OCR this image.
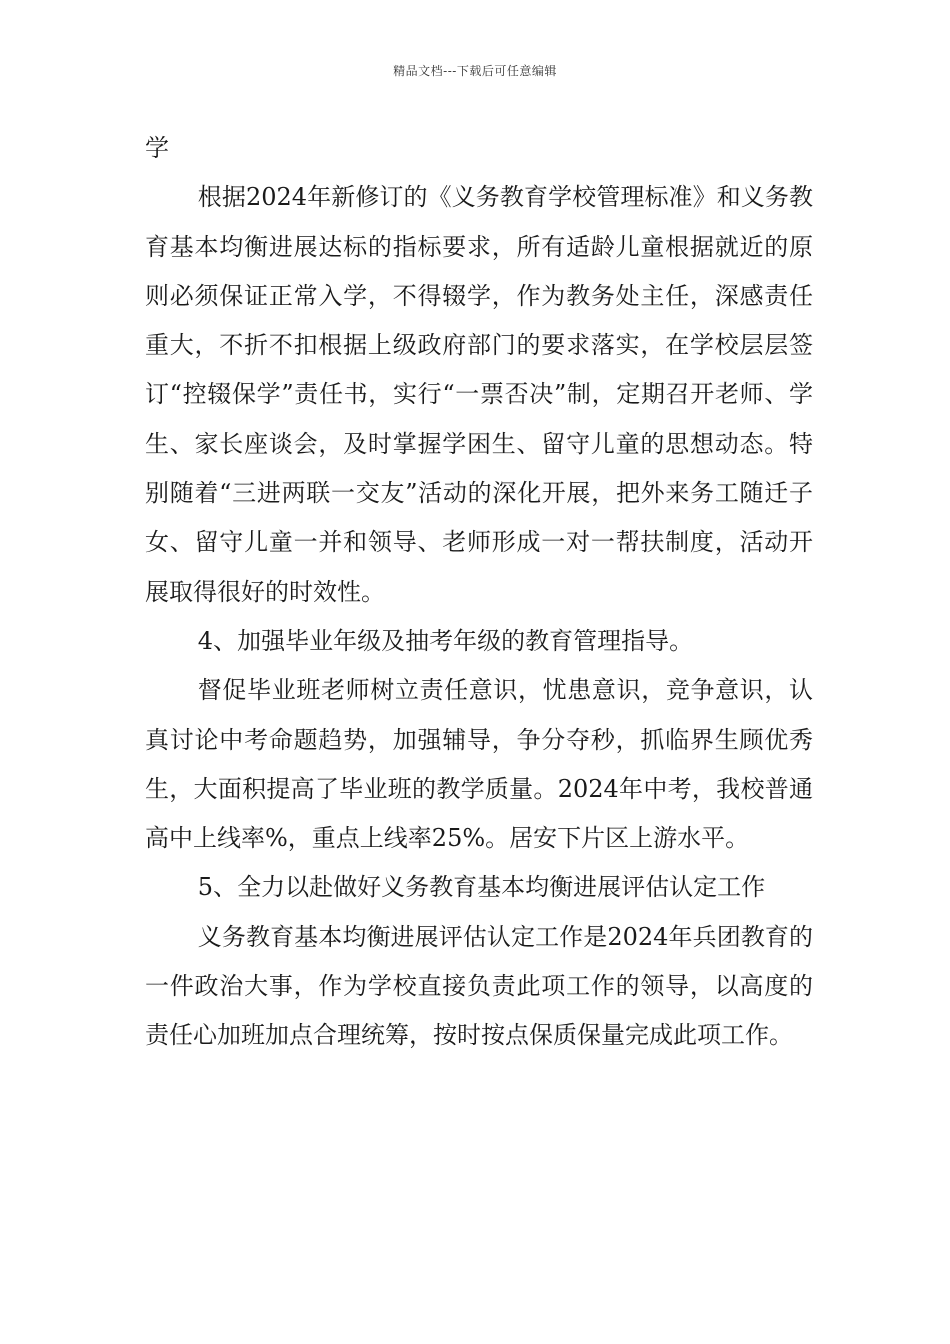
精品文档---下载后可任意编辑

学

根据2024年新修订的《义务教育学校管理标准》和义务教育基本均衡进展达标的指标要求，所有适龄儿童根据就近的原则必须保证正常入学，不得辍学，作为教务处主任，深感责任重大，不折不扣根据上级政府部门的要求落实，在学校层层签订“控辍保学”责任书，实行“一票否决”制，定期召开老师、学生、家长座谈会，及时掌握学困生、留守儿童的思想动态。特别随着“三进两联一交友”活动的深化开展，把外来务工随迁子女、留守儿童一并和领导、老师形成一对一帮扶制度，活动开展取得很好的时效性。

4、加强毕业年级及抽考年级的教育管理指导。

督促毕业班老师树立责任意识，忧患意识，竞争意识，认真讨论中考命题趋势，加强辅导，争分夺秒，抓临界生顾优秀生，大面积提高了毕业班的教学质量。2024年中考，我校普通高中上线率%，重点上线率25%。居安下片区上游水平。

5、全力以赴做好义务教育基本均衡进展评估认定工作

义务教育基本均衡进展评估认定工作是2024年兵团教育的一件政治大事，作为学校直接负责此项工作的领导，以高度的责任心加班加点合理统筹，按时按点保质保量完成此项工作。
